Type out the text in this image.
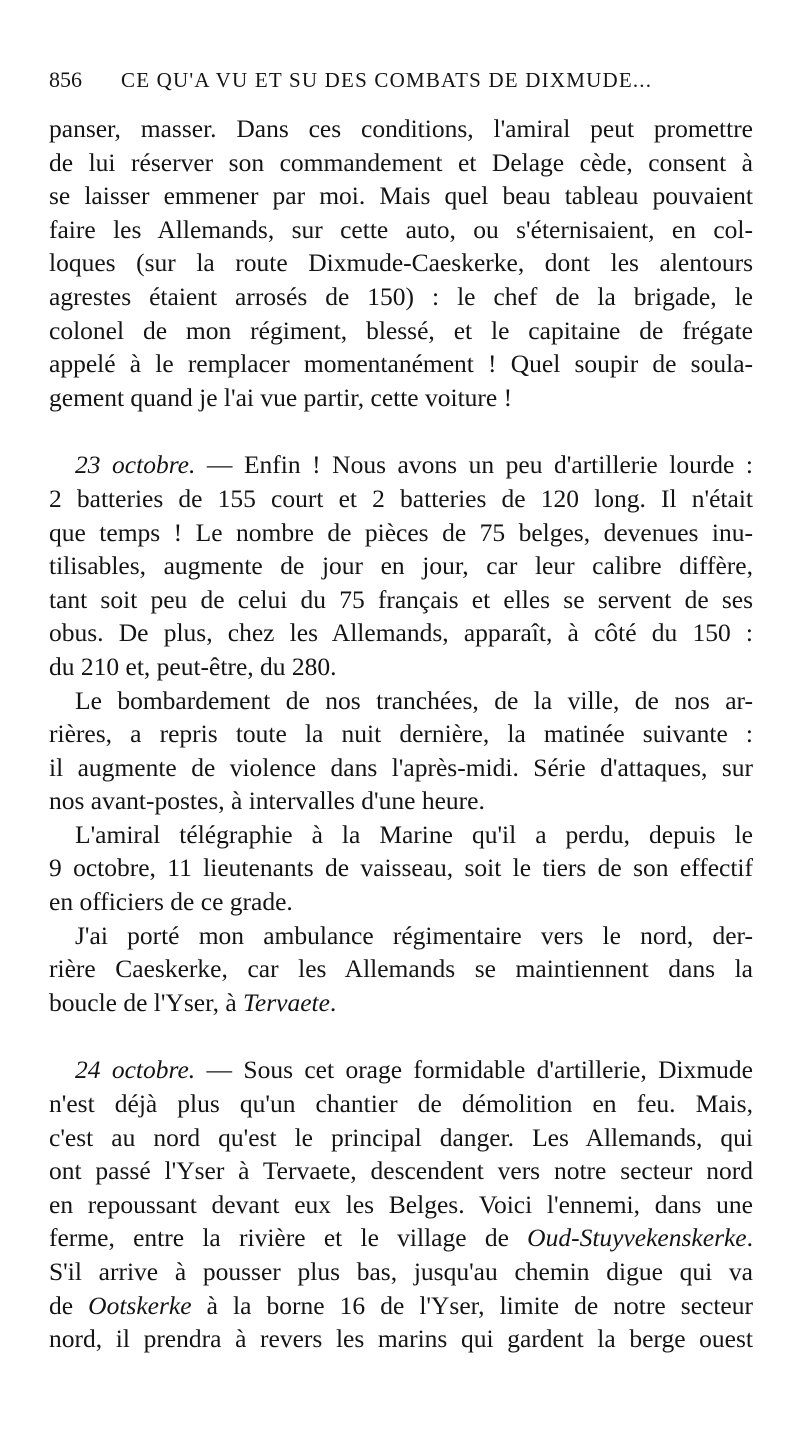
856 CE QU'A VU ET SU DES COMBATS DE DIXMUDE...
panser, masser. Dans ces conditions, l'amiral peut promettre
de lui réserver son commandement et Delage cède, consent à
se laisser emmener par moi. Mais quel beau tableau pouvaient
faire les Allemands, sur cette auto, ou s'éternisaient, en col-
loques (sur la route Dixmude-Caeskerke, dont les alentours
agrestes étaient arrosés de 150) : le chef de la brigade, le
colonel de mon régiment, blessé, et le capitaine de frégate
appelé à le remplacer momentanément ! Quel soupir de soula-
gement quand je l'ai vue partir, cette voiture !
23 octobre. — Enfin ! Nous avons un peu d'artillerie lourde :
2 batteries de 155 court et 2 batteries de 120 long. Il n'était
que temps ! Le nombre de pièces de 75 belges, devenues inu-
tilisables, augmente de jour en jour, car leur calibre diffère,
tant soit peu de celui du 75 français et elles se servent de ses
obus. De plus, chez les Allemands, apparaît, à côté du 150 :
du 210 et, peut-être, du 280.
Le bombardement de nos tranchées, de la ville, de nos ar-
rières, a repris toute la nuit dernière, la matinée suivante :
il augmente de violence dans l'après-midi. Série d'attaques, sur
nos avant-postes, à intervalles d'une heure.
L'amiral télégraphie à la Marine qu'il a perdu, depuis le
9 octobre, 11 lieutenants de vaisseau, soit le tiers de son effectif
en officiers de ce grade.
J'ai porté mon ambulance régimentaire vers le nord, der-
rière Caeskerke, car les Allemands se maintiennent dans la
boucle de l'Yser, à Tervaete.
24 octobre. — Sous cet orage formidable d'artillerie, Dixmude
n'est déjà plus qu'un chantier de démolition en feu. Mais,
c'est au nord qu'est le principal danger. Les Allemands, qui
ont passé l'Yser à Tervaete, descendent vers notre secteur nord
en repoussant devant eux les Belges. Voici l'ennemi, dans une
ferme, entre la rivière et le village de Oud-Stuyvekenskerke.
S'il arrive à pousser plus bas, jusqu'au chemin digue qui va
de Ootskerke à la borne 16 de l'Yser, limite de notre secteur
nord, il prendra à revers les marins qui gardent la berge ouest
